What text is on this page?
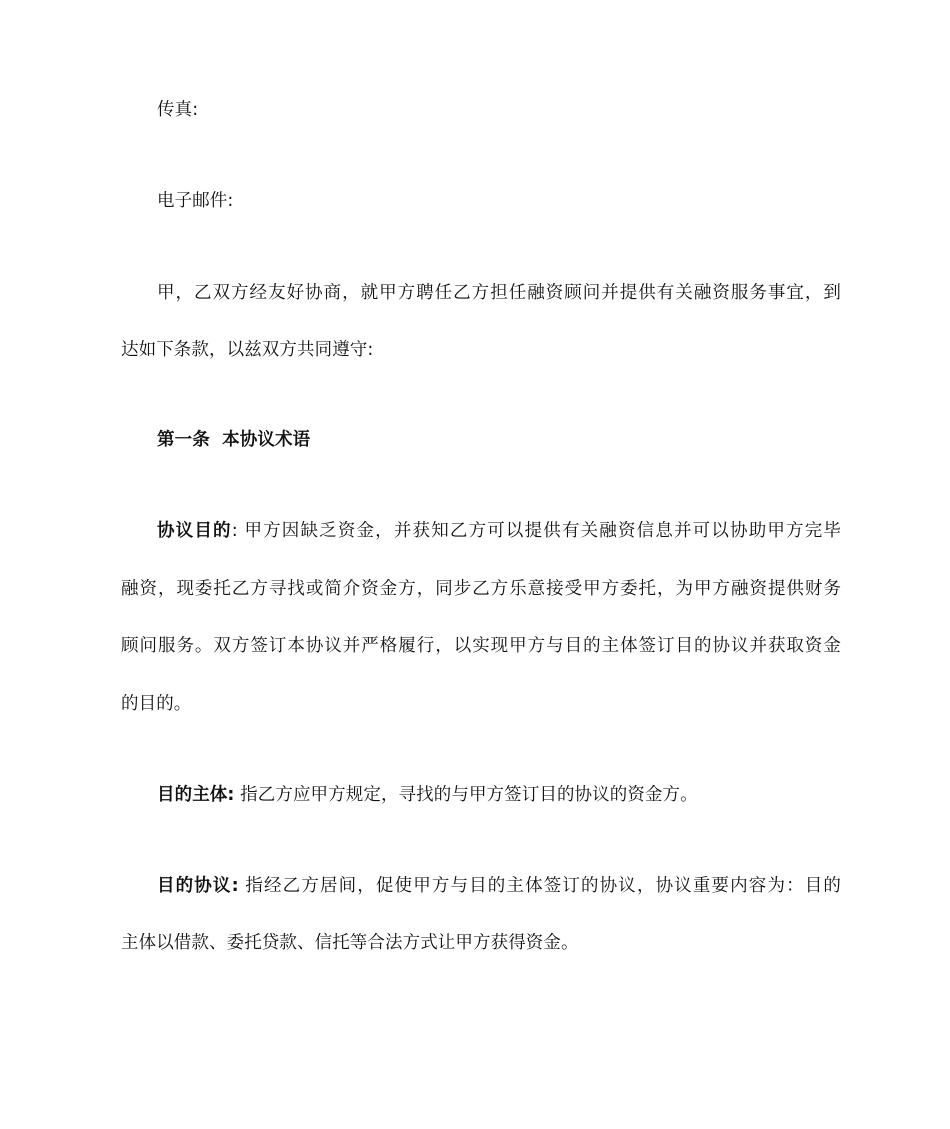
传真:
电子邮件:
甲，乙双方经友好协商，就甲方聘任乙方担任融资顾问并提供有关融资服务事宜，到
达如下条款，以兹双方共同遵守:
第一条  本协议术语
协议目的: 甲方因缺乏资金，并获知乙方可以提供有关融资信息并可以协助甲方完毕
融资，现委托乙方寻找或简介资金方，同步乙方乐意接受甲方委托，为甲方融资提供财务
顾问服务。双方签订本协议并严格履行，以实现甲方与目的主体签订目的协议并获取资金
的目的。
目的主体: 指乙方应甲方规定，寻找的与甲方签订目的协议的资金方。
目的协议: 指经乙方居间，促使甲方与目的主体签订的协议，协议重要内容为：目的
主体以借款、委托贷款、信托等合法方式让甲方获得资金。
